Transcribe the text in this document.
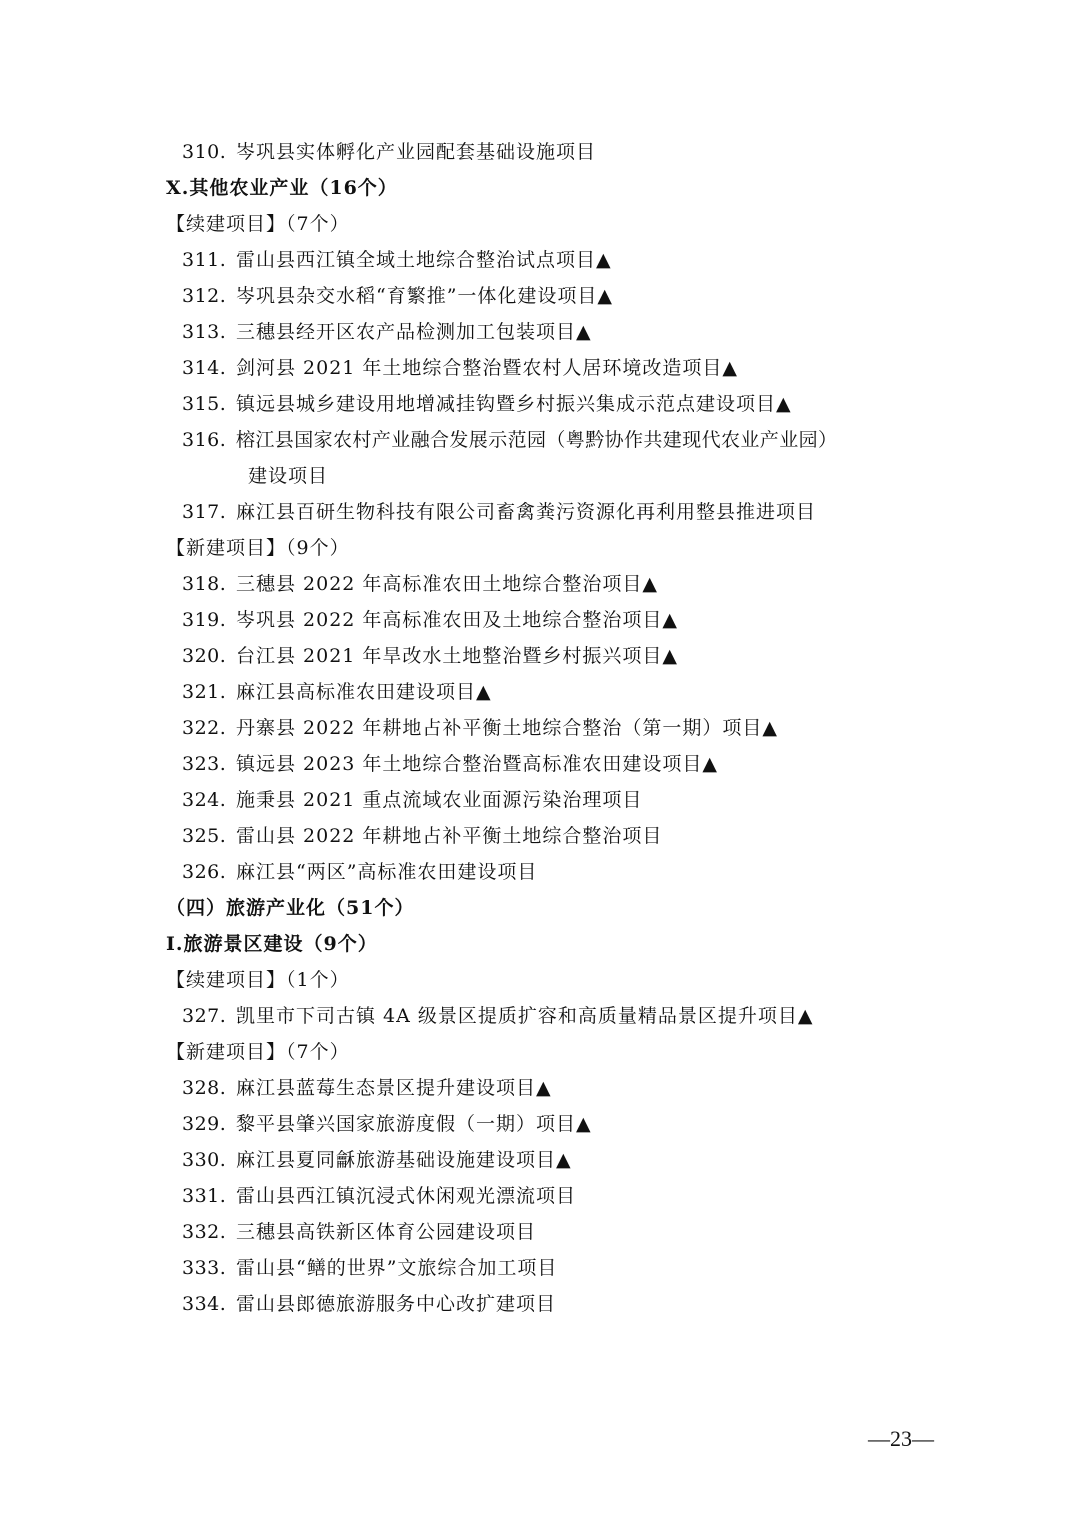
310. 岑巩县实体孵化产业园配套基础设施项目
X.其他农业产业（16个）
【续建项目】（7个）
311. 雷山县西江镇全域土地综合整治试点项目▲
312. 岑巩县杂交水稻“育繁推”一体化建设项目▲
313. 三穗县经开区农产品检测加工包装项目▲
314. 剑河县 2021 年土地综合整治暨农村人居环境改造项目▲
315. 镇远县城乡建设用地增减挂钩暨乡村振兴集成示范点建设项目▲
316. 榕江县国家农村产业融合发展示范园（粤黔协作共建现代农业产业园）
建设项目
317. 麻江县百研生物科技有限公司畜禽粪污资源化再利用整县推进项目
【新建项目】（9个）
318. 三穗县 2022 年高标准农田土地综合整治项目▲
319. 岑巩县 2022 年高标准农田及土地综合整治项目▲
320. 台江县 2021 年旱改水土地整治暨乡村振兴项目▲
321. 麻江县高标准农田建设项目▲
322. 丹寨县 2022 年耕地占补平衡土地综合整治（第一期）项目▲
323. 镇远县 2023 年土地综合整治暨高标准农田建设项目▲
324. 施秉县 2021 重点流域农业面源污染治理项目
325. 雷山县 2022 年耕地占补平衡土地综合整治项目
326. 麻江县“两区”高标准农田建设项目
（四）旅游产业化（51个）
I.旅游景区建设（9个）
【续建项目】（1个）
327. 凯里市下司古镇 4A 级景区提质扩容和高质量精品景区提升项目▲
【新建项目】（7个）
328. 麻江县蓝莓生态景区提升建设项目▲
329. 黎平县肇兴国家旅游度假（一期）项目▲
330. 麻江县夏同龢旅游基础设施建设项目▲
331. 雷山县西江镇沉浸式休闲观光漂流项目
332. 三穗县高铁新区体育公园建设项目
333. 雷山县“鳝的世界”文旅综合加工项目
334. 雷山县郎德旅游服务中心改扩建项目
—23—
